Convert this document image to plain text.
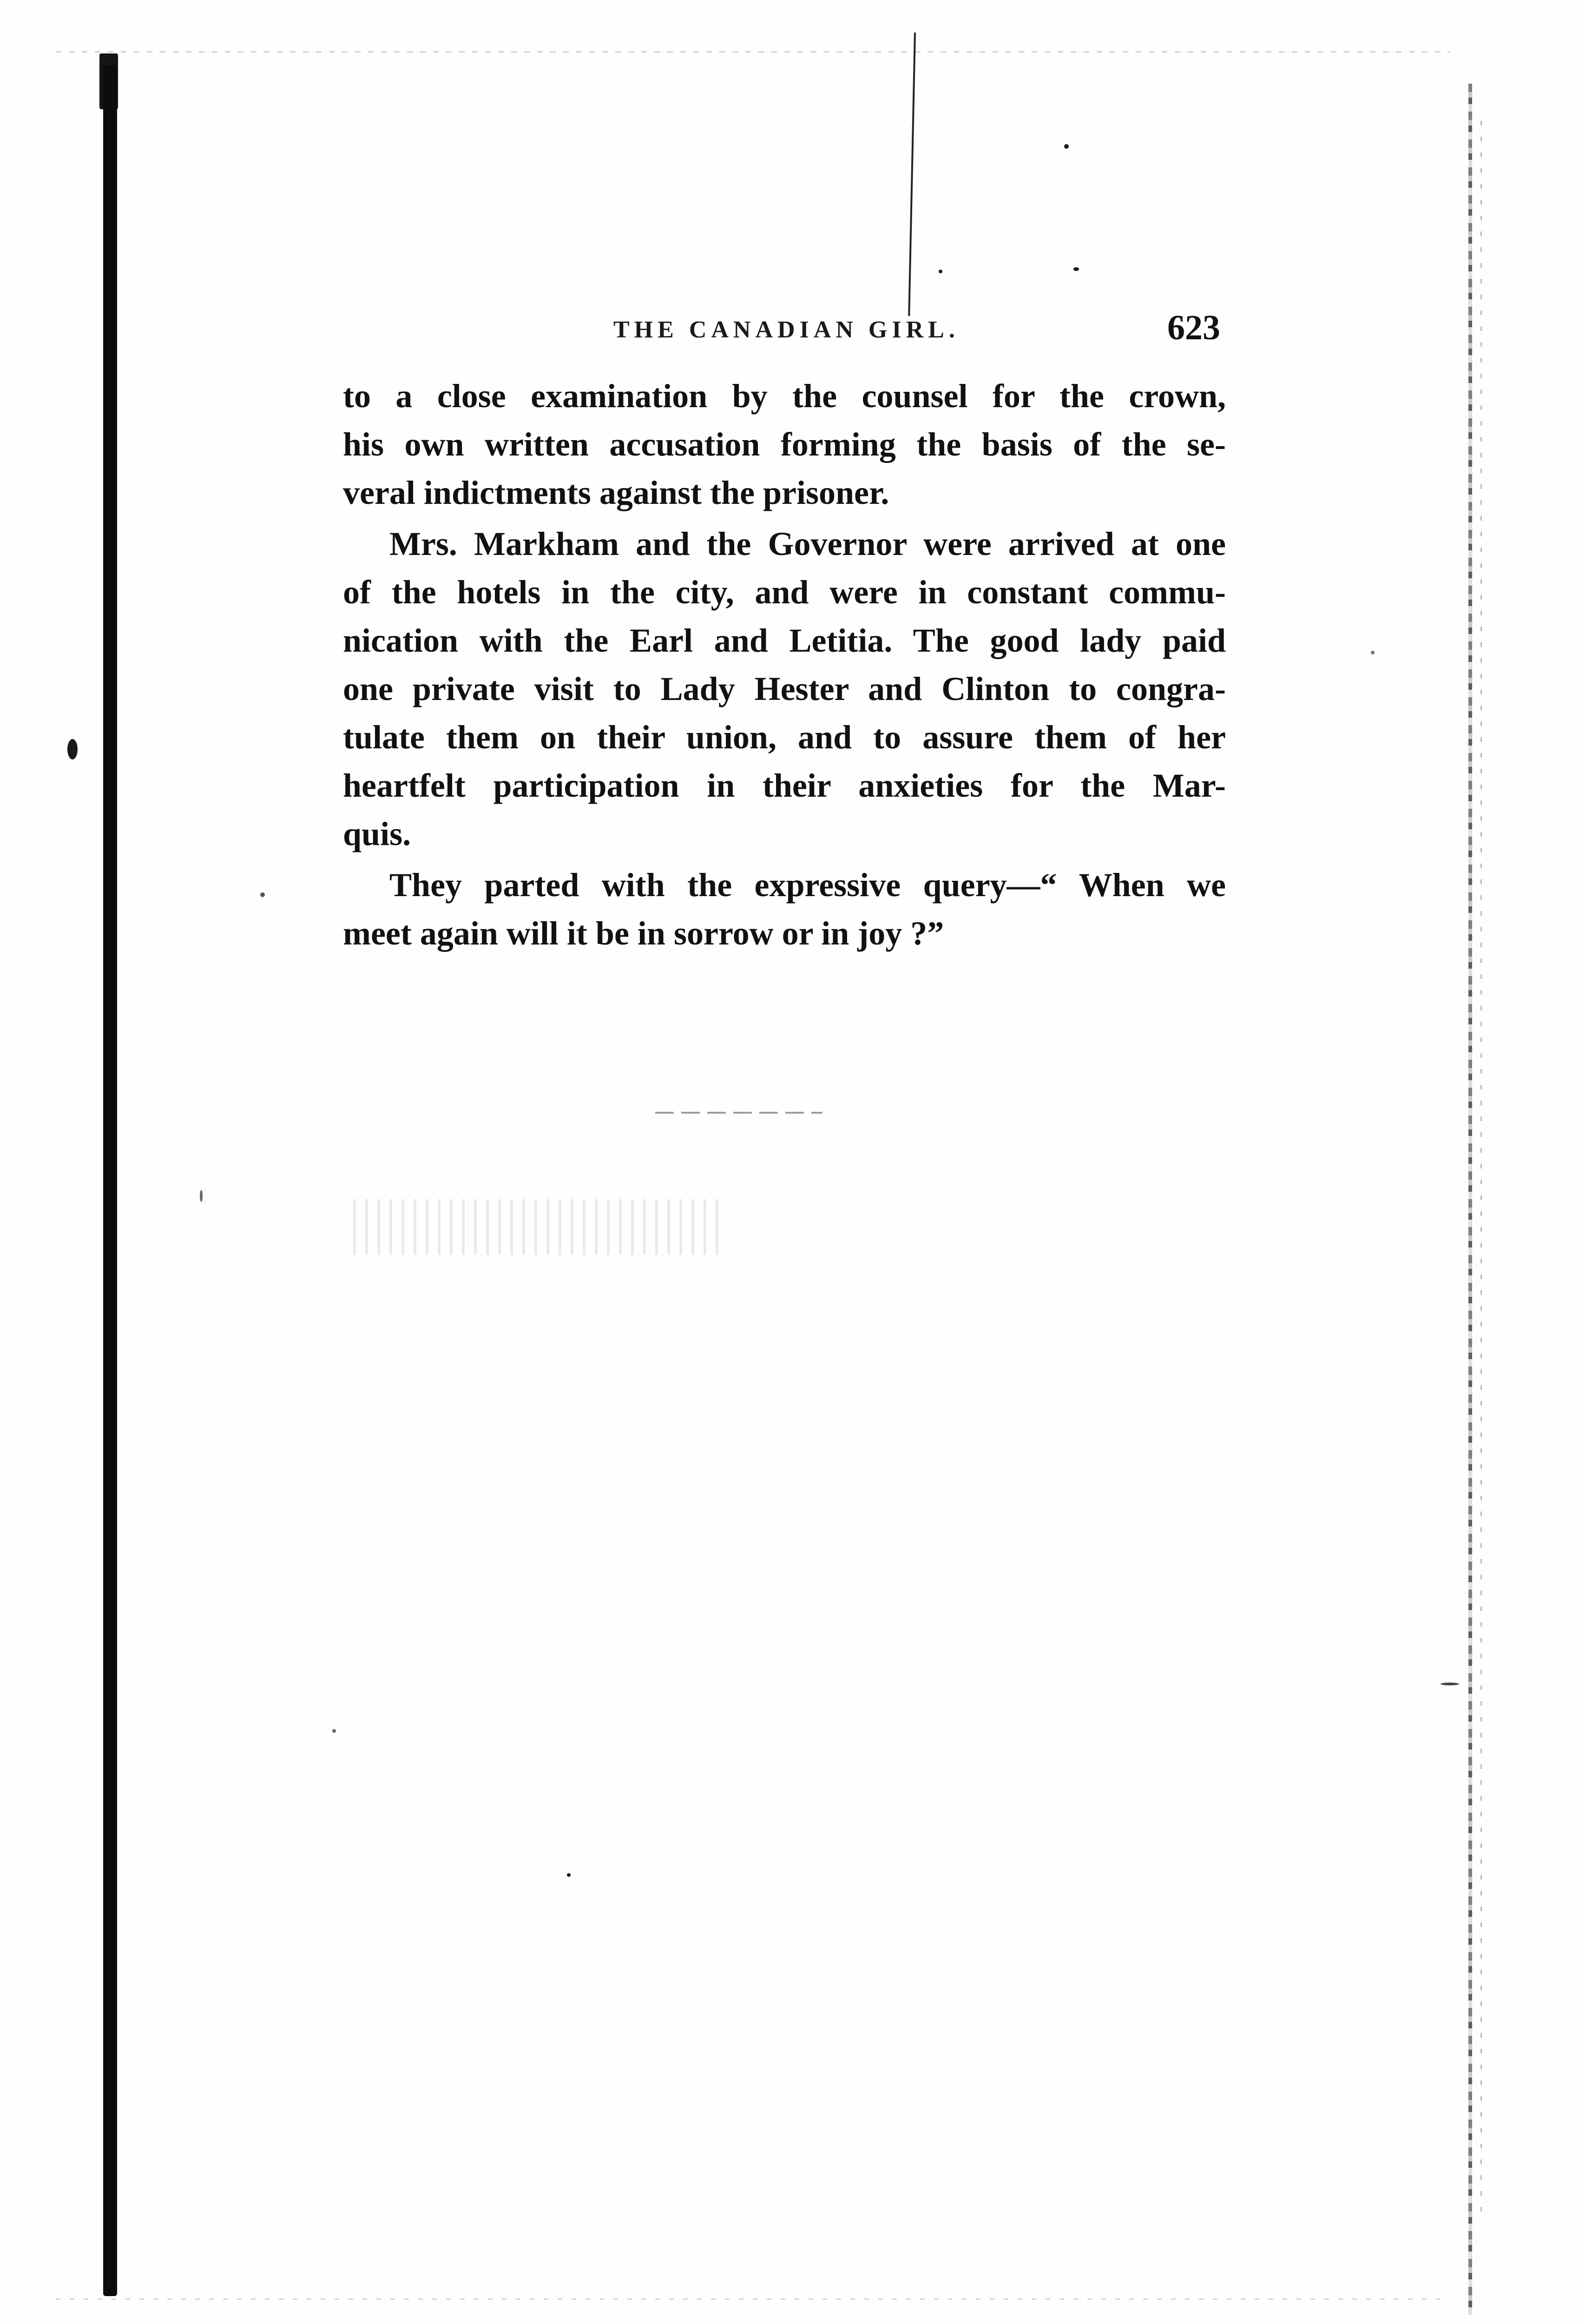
THE CANADIAN GIRL.	623
to a close examination by the counsel for the crown,
his own written accusation forming the basis of the se-
veral indictments against the prisoner.
Mrs. Markham and the Governor were arrived at one
of the hotels in the city, and were in constant commu-
nication with the Earl and Letitia. The good lady paid
one private visit to Lady Hester and Clinton to congra-
tulate them on their union, and to assure them of her
heartfelt participation in their anxieties for the Mar-
quis.
They parted with the expressive query—“ When we
meet again will it be in sorrow or in joy ?”
